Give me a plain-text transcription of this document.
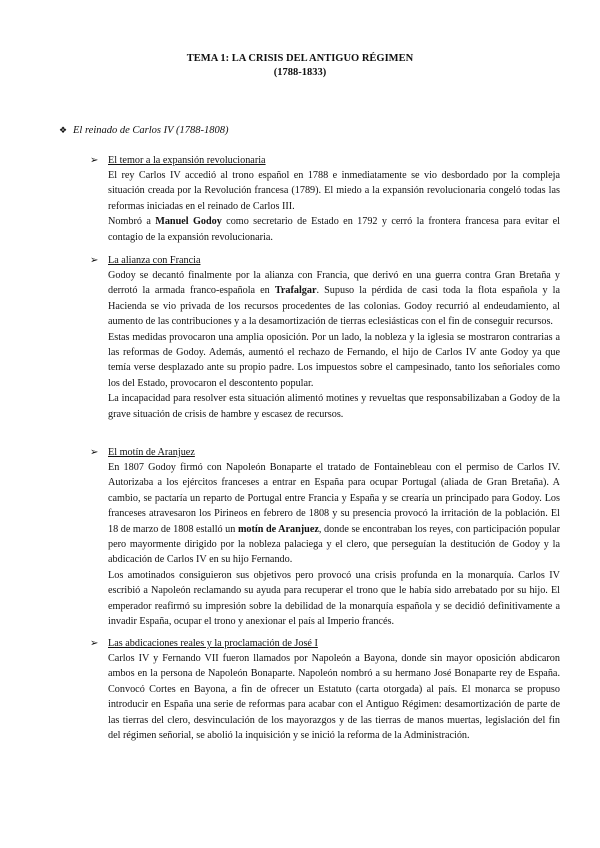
TEMA 1: LA CRISIS DEL ANTIGUO RÉGIMEN
(1788-1833)
❖ El reinado de Carlos IV (1788-1808)
➢ El temor a la expansión revolucionaria
El rey Carlos IV accedió al trono español en 1788 e inmediatamente se vio desbordado por la compleja situación creada por la Revolución francesa (1789). El miedo a la expansión revolucionaria congeló todas las reformas iniciadas en el reinado de Carlos III.
Nombró a Manuel Godoy como secretario de Estado en 1792 y cerró la frontera francesa para evitar el contagio de la expansión revolucionaria.
➢ La alianza con Francia
Godoy se decantó finalmente por la alianza con Francia, que derivó en una guerra contra Gran Bretaña y derrotó la armada franco-española en Trafalgar. Supuso la pérdida de casi toda la flota española y la Hacienda se vio privada de los recursos procedentes de las colonias. Godoy recurrió al endeudamiento, al aumento de las contribuciones y a la desamortización de tierras eclesiásticas con el fin de conseguir recursos.
Estas medidas provocaron una amplia oposición. Por un lado, la nobleza y la iglesia se mostraron contrarias a las reformas de Godoy. Además, aumentó el rechazo de Fernando, el hijo de Carlos IV ante Godoy ya que temía verse desplazado ante su propio padre. Los impuestos sobre el campesinado, tanto los señoriales como los del Estado, provocaron el descontento popular.
La incapacidad para resolver esta situación alimentó motines y revueltas que responsabilizaban a Godoy de la grave situación de crisis de hambre y escasez de recursos.
➢ El motín de Aranjuez
En 1807 Godoy firmó con Napoleón Bonaparte el tratado de Fontainebleau con el permiso de Carlos IV. Autorizaba a los ejércitos franceses a entrar en España para ocupar Portugal (aliada de Gran Bretaña). A cambio, se pactaría un reparto de Portugal entre Francia y España y se crearía un principado para Godoy. Los franceses atravesaron los Pirineos en febrero de 1808 y su presencia provocó la irritación de la población. El 18 de marzo de 1808 estalló un motín de Aranjuez, donde se encontraban los reyes, con participación popular pero mayormente dirigido por la nobleza palaciega y el clero, que perseguían la destitución de Godoy y la abdicación de Carlos IV en su hijo Fernando.
Los amotinados consiguieron sus objetivos pero provocó una crisis profunda en la monarquía. Carlos IV escribió a Napoleón reclamando su ayuda para recuperar el trono que le había sido arrebatado por su hijo. El emperador reafirmó su impresión sobre la debilidad de la monarquía española y se decidió definitivamente a invadir España, ocupar el trono y anexionar el país al Imperio francés.
➢ Las abdicaciones reales y la proclamación de José I
Carlos IV y Fernando VII fueron llamados por Napoleón a Bayona, donde sin mayor oposición abdicaron ambos en la persona de Napoleón Bonaparte. Napoleón nombró a su hermano José Bonaparte rey de España. Convocó Cortes en Bayona, a fin de ofrecer un Estatuto (carta otorgada) al país. El monarca se propuso introducir en España una serie de reformas para acabar con el Antiguo Régimen: desamortización de parte de las tierras del clero, desvinculación de los mayorazgos y de las tierras de manos muertas, legislación del fin del régimen señorial, se abolió la inquisición y se inició la reforma de la Administración.
